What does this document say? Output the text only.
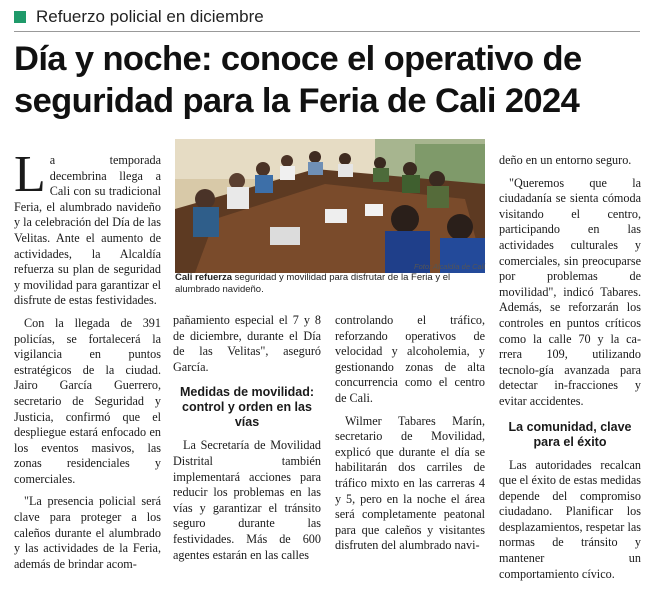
Refuerzo policial en diciembre
Día y noche: conoce el operativo de seguridad para la Feria de Cali 2024

La temporada decembrina llega a Cali con su tradicional Feria, el alumbrado navideño y la celebración del Día de las Velitas. Ante el aumento de actividades, la Alcaldía refuerza su plan de seguridad y movilidad para garantizar el disfrute de estas festividades.

Con la llegada de 391 policías, se fortalecerá la vigilancia en puntos estratégicos de la ciudad. Jairo García Guerrero, secretario de Seguridad y Justicia, confirmó que el despliegue estará enfocado en los eventos masivos, las zonas residenciales y comerciales.

"La presencia policial será clave para proteger a los caleños durante el alumbrado y las actividades de la Feria, además de brindar acom-

Foto: Alcaldía de Cali
Cali refuerza seguridad y movilidad para disfrutar de la Feria y el alumbrado navideño.

pañamiento especial el 7 y 8 de diciembre, durante el Día de las Velitas", aseguró García.

Medidas de movilidad: control y orden en las vías

La Secretaría de Movilidad Distrital también implementará acciones para reducir los problemas en las vías y garantizar el tránsito seguro durante las festividades. Más de 600 agentes estarán en las calles

controlando el tráfico, reforzando operativos de velocidad y alcoholemia, y gestionando zonas de alta concurrencia como el centro de Cali.

Wilmer Tabares Marín, secretario de Movilidad, explicó que durante el día se habilitarán dos carriles de tráfico mixto en las carreras 4 y 5, pero en la noche el área será completamente peatonal para que caleños y visitantes disfruten del alumbrado navi-

deño en un entorno seguro.

"Queremos que la ciudadanía se sienta cómoda visitando el centro, participando en las actividades culturales y comerciales, sin preocuparse por problemas de movilidad", indicó Tabares. Además, se reforzarán los controles en puntos críticos como la calle 70 y la ca-rrera 109, utilizando tecnolo-gía avanzada para detectar in-fracciones y evitar accidentes.

La comunidad, clave para el éxito

Las autoridades recalcan que el éxito de estas medidas depende del compromiso ciudadano. Planificar los desplazamientos, respetar las normas de tránsito y mantener un comportamiento cívico.
